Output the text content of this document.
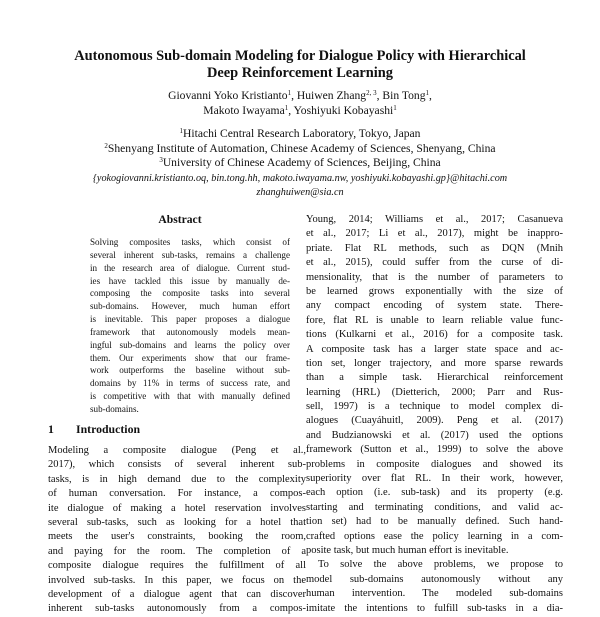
Autonomous Sub-domain Modeling for Dialogue Policy with Hierarchical
Deep Reinforcement Learning
Giovanni Yoko Kristianto$^1$, Huiwen Zhang$^{2, 3}$, Bin Tong$^1$,
Makoto Iwayama$^1$, Yoshiyuki Kobayashi$^1$
$^1$Hitachi Central Research Laboratory, Tokyo, Japan
$^2$Shenyang Institute of Automation, Chinese Academy of Sciences, Shenyang, China
$^3$University of Chinese Academy of Sciences, Beijing, China
{yokogiovanni.kristianto.oq, bin.tong.hh, makoto.iwayama.nw, yoshiyuki.kobayashi.gp}@hitachi.com
zhanghuiwen@sia.cn
Abstract
Solving composites tasks, which consist of
several inherent sub-tasks, remains a challenge
in the research area of dialogue. Current stud-
ies have tackled this issue by manually de-
composing the composite tasks into several
sub-domains. However, much human effort
is inevitable. This paper proposes a dialogue
framework that autonomously models mean-
ingful sub-domains and learns the policy over
them. Our experiments show that our frame-
work outperforms the baseline without sub-
domains by 11% in terms of success rate, and
is competitive with that with manually defined
sub-domains.
1 Introduction
Modeling a composite dialogue (Peng et al.,
2017), which consists of several inherent sub-
tasks, is in high demand due to the complexity
of human conversation. For instance, a compos-
ite dialogue of making a hotel reservation involves
several sub-tasks, such as looking for a hotel that
meets the user's constraints, booking the room,
and paying for the room. The completion of a
composite dialogue requires the fulfillment of all
involved sub-tasks. In this paper, we focus on the
development of a dialogue agent that can discover
inherent sub-tasks autonomously from a compos-
Young, 2014; Williams et al., 2017; Casanueva
et al., 2017; Li et al., 2017), might be inappro-
priate. Flat RL methods, such as DQN (Mnih
et al., 2015), could suffer from the curse of di-
mensionality, that is the number of parameters to
be learned grows exponentially with the size of
any compact encoding of system state. There-
fore, flat RL is unable to learn reliable value func-
tions (Kulkarni et al., 2016) for a composite task.
A composite task has a larger state space and ac-
tion set, longer trajectory, and more sparse rewards
than a simple task. Hierarchical reinforcement
learning (HRL) (Dietterich, 2000; Parr and Rus-
sell, 1997) is a technique to model complex di-
alogues (Cuayáhuitl, 2009). Peng et al. (2017)
and Budzianowski et al. (2017) used the options
framework (Sutton et al., 1999) to solve the above
problems in composite dialogues and showed its
superiority over flat RL. In their work, however,
each option (i.e. sub-task) and its property (e.g.
starting and terminating conditions, and valid ac-
tion set) had to be manually defined. Such hand-
crafted options ease the policy learning in a com-
posite task, but much human effort is inevitable.
To solve the above problems, we propose to
model sub-domains autonomously without any
human intervention. The modeled sub-domains
imitate the intentions to fulfill sub-tasks in a dia-
